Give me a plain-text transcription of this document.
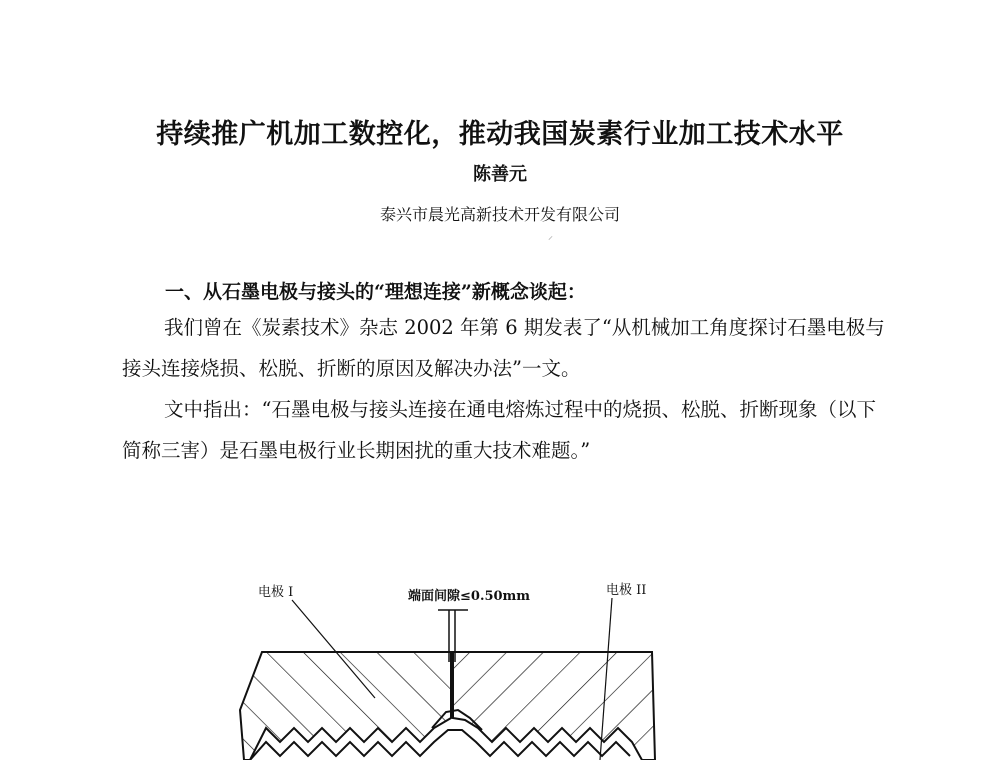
持续推广机加工数控化，推动我国炭素行业加工技术水平
陈善元
泰兴市晨光高新技术开发有限公司
⸝
一、从石墨电极与接头的“理想连接”新概念谈起：

我们曾在《炭素技术》杂志 2002 年第 6 期发表了“从机械加工角度探讨石墨电极与接头连接烧损、松脱、折断的原因及解决办法”一文。

文中指出：“石墨电极与接头连接在通电熔炼过程中的烧损、松脱、折断现象（以下简称三害）是石墨电极行业长期困扰的重大技术难题。”

电极 I	端面间隙≤0.50mm	电极 II
